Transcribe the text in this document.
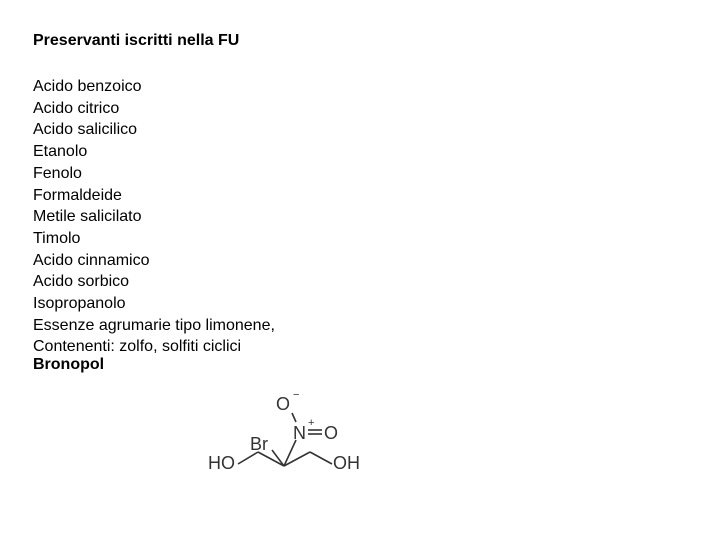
Preservanti iscritti nella FU
Acido benzoico
Acido citrico
Acido salicilico
Etanolo
Fenolo
Formaldeide
Metile salicilato
Timolo
Acido cinnamico
Acido sorbico
Isopropanolo
Essenze agrumarie tipo limonene,
Contenenti: zolfo, solfiti ciclici
Bronopol
O −
+
N O
Br
HO	OH
